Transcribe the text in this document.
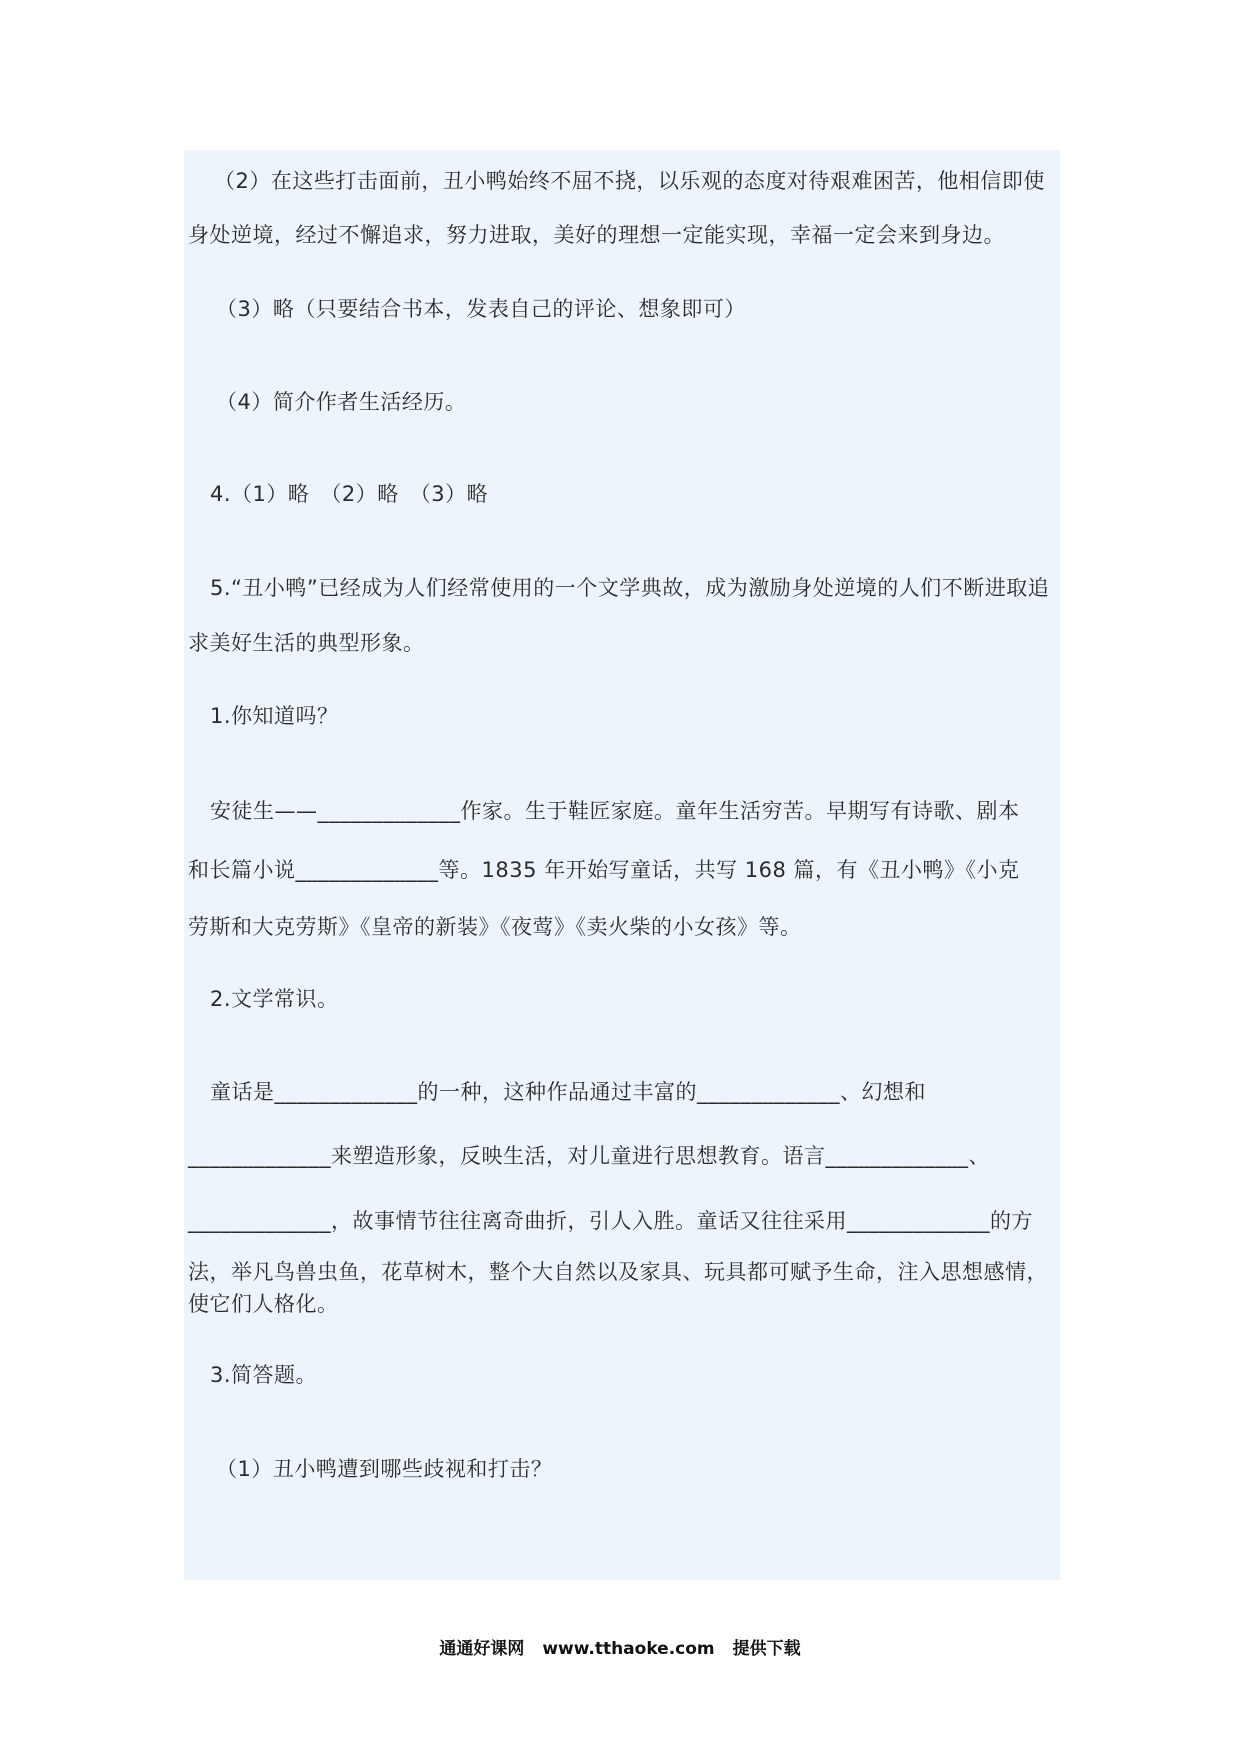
（2）在这些打击面前，丑小鸭始终不屈不挠，以乐观的态度对待艰难困苦，他相信即使
身处逆境，经过不懈追求，努力进取，美好的理想一定能实现，幸福一定会来到身边。
（3）略（只要结合书本，发表自己的评论、想象即可）
（4）简介作者生活经历。
4.（1）略　（2）略　（3）略
5.“丑小鸭”已经成为人们经常使用的一个文学典故，成为激励身处逆境的人们不断进取追
求美好生活的典型形象。
1.你知道吗？
安徒生——_____________作家。生于鞋匠家庭。童年生活穷苦。早期写有诗歌、剧本
和长篇小说_____________等。1835 年开始写童话，共写 168 篇，有《丑小鸭》《小克
劳斯和大克劳斯》《皇帝的新装》《夜莺》《卖火柴的小女孩》等。
2.文学常识。
童话是_____________的一种，这种作品通过丰富的_____________、幻想和
_____________来塑造形象，反映生活，对儿童进行思想教育。语言_____________、
_____________，故事情节往往离奇曲折，引人入胜。童话又往往采用_____________的方
法，举凡鸟兽虫鱼，花草树木，整个大自然以及家具、玩具都可赋予生命，注入思想感情，
使它们人格化。
3.简答题。
（1）丑小鸭遭到哪些歧视和打击？
通通好课网 www.tthaoke.com 提供下载
